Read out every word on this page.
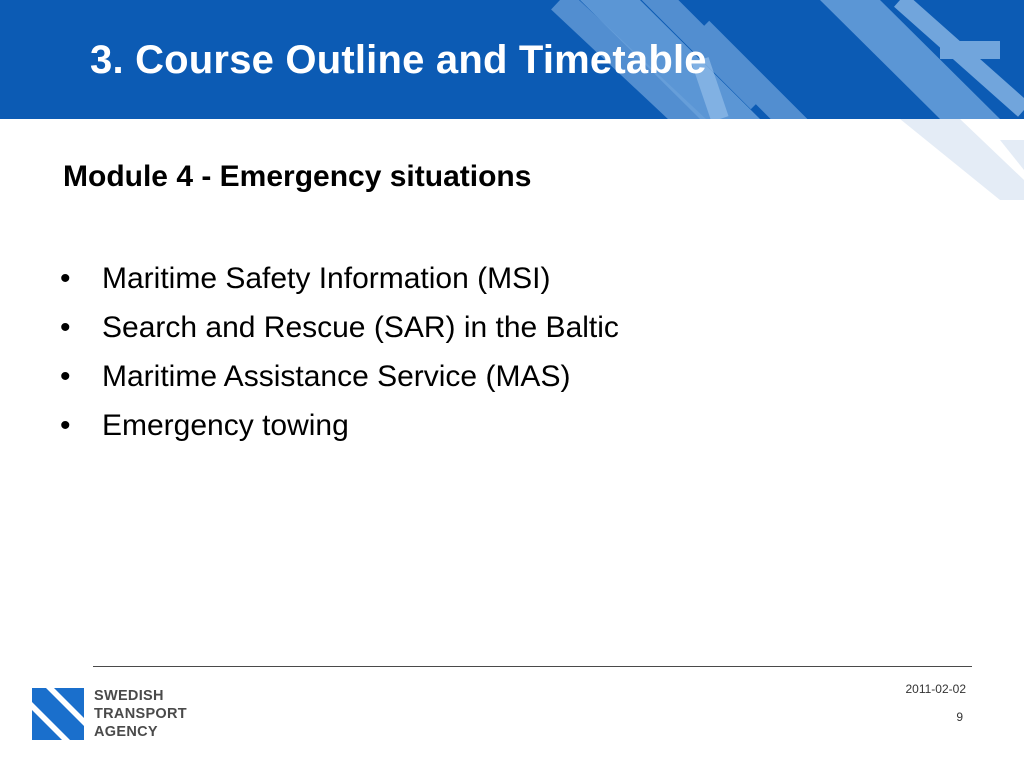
3. Course Outline and Timetable
Module 4 - Emergency situations
• Maritime Safety Information (MSI)
• Search and Rescue (SAR) in the Baltic
• Maritime Assistance Service (MAS)
• Emergency towing
SWEDISH
TRANSPORT
AGENCY
2011-02-02
9
